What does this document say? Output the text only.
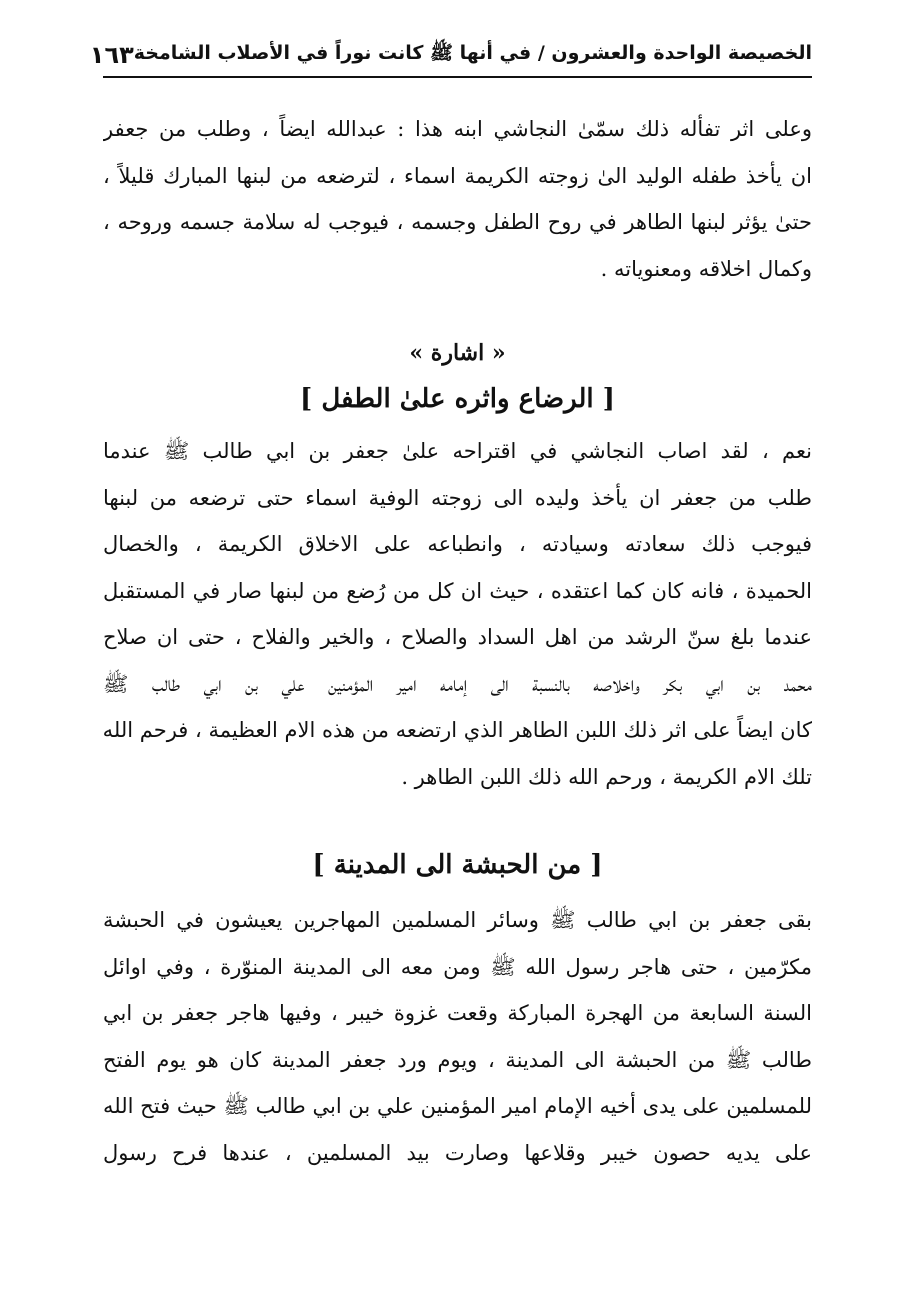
الخصيصة الواحدة والعشرون / في أنها ﷺ كانت نوراً في الأصلاب الشامخة
١٦٣
وعلى اثر تفأله ذلك سمّىٰ النجاشي ابنه هذا : عبدالله ايضاً ، وطلب من جعفر
ان يأخذ طفله الوليد الىٰ زوجته الكريمة اسماء ، لترضعه من لبنها المبارك قليلاً ،
حتىٰ يؤثر لبنها الطاهر في روح الطفل وجسمه ، فيوجب له سلامة جسمه وروحه ،
وكمال اخلاقه ومعنوياته .
« اشارة »
[ الرضاع واثره علىٰ الطفل ]
نعم ، لقد اصاب النجاشي في اقتراحه علىٰ جعفر بن ابي طالب ﷺ عندما
طلب من جعفر ان يأخذ وليده الى زوجته الوفية اسماء حتى ترضعه من لبنها
فيوجب ذلك سعادته وسيادته ، وانطباعه على الاخلاق الكريمة ، والخصال
الحميدة ، فانه كان كما اعتقده ، حيث ان كل من رُضع من لبنها صار في المستقبل
عندما بلغ سنّ الرشد من اهل السداد والصلاح ، والخير والفلاح ، حتى ان صلاح
محمد بن ابي بكر واخلاصه بالنسبة الى إمامه امير المؤمنين علي بن ابي طالب ﷺ
كان ايضاً على اثر ذلك اللبن الطاهر الذي ارتضعه من هذه الام العظيمة ، فرحم الله
تلك الام الكريمة ، ورحم الله ذلك اللبن الطاهر .
[ من الحبشة الى المدينة ]
بقى جعفر بن ابي طالب ﷺ وسائر المسلمين المهاجرين يعيشون في الحبشة
مكرّمين ، حتى هاجر رسول الله ﷺ ومن معه الى المدينة المنوّرة ، وفي اوائل
السنة السابعة من الهجرة المباركة وقعت غزوة خيبر ، وفيها هاجر جعفر بن ابي
طالب ﷺ من الحبشة الى المدينة ، ويوم ورد جعفر المدينة كان هو يوم الفتح
للمسلمين على يدى أخيه الإمام امير المؤمنين علي بن ابي طالب ﷺ حيث فتح الله
على يديه حصون خيبر وقلاعها وصارت بيد المسلمين ، عندها فرح رسول
